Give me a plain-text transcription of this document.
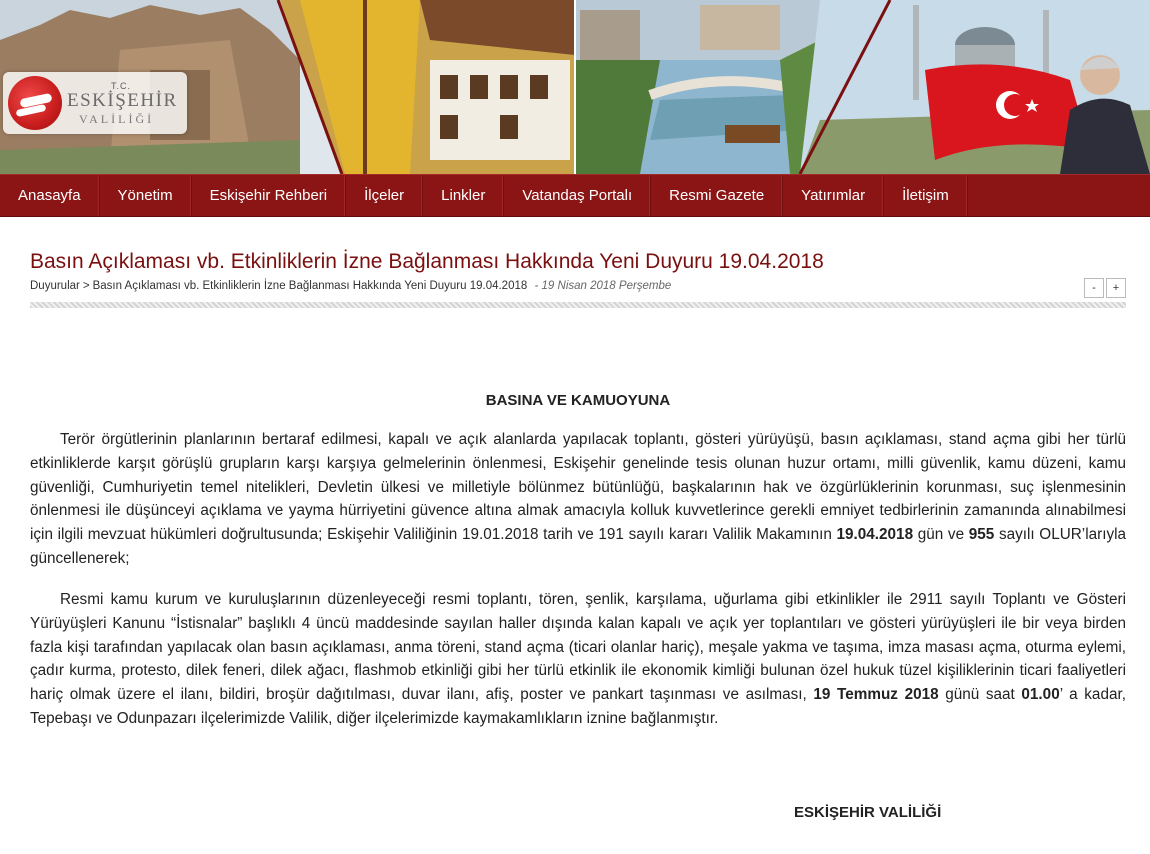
T.C.
ESKİŞEHİR
VALİLİĞİ
Anasayfa	Yönetim	Eskişehir Rehberi	İlçeler	Linkler	Vatandaş Portalı	Resmi Gazete	Yatırımlar	İletişim
Basın Açıklaması vb. Etkinliklerin İzne Bağlanması Hakkında Yeni Duyuru 19.04.2018
Duyurular > Basın Açıklaması vb. Etkinliklerin İzne Bağlanması Hakkında Yeni Duyuru 19.04.2018 - 19 Nisan 2018 Perşembe	-	+
BASINA VE KAMUOYUNA

Terör örgütlerinin planlarının bertaraf edilmesi, kapalı ve açık alanlarda yapılacak toplantı, gösteri yürüyüşü, basın açıklaması, stand açma gibi her türlü etkinliklerde karşıt görüşlü grupların karşı karşıya gelmelerinin önlenmesi, Eskişehir genelinde tesis olunan huzur ortamı, milli güvenlik, kamu düzeni, kamu güvenliği, Cumhuriyetin temel nitelikleri, Devletin ülkesi ve milletiyle bölünmez bütünlüğü, başkalarının hak ve özgürlüklerinin korunması, suç işlenmesinin önlenmesi ile düşünceyi açıklama ve yayma hürriyetini güvence altına almak amacıyla kolluk kuvvetlerince gerekli emniyet tedbirlerinin zamanında alınabilmesi için ilgili mevzuat hükümleri doğrultusunda; Eskişehir Valiliğinin 19.01.2018 tarih ve 191 sayılı kararı Valilik Makamının 19.04.2018 gün ve 955 sayılı OLUR’larıyla güncellenerek;

Resmi kamu kurum ve kuruluşlarının düzenleyeceği resmi toplantı, tören, şenlik, karşılama, uğurlama gibi etkinlikler ile 2911 sayılı Toplantı ve Gösteri Yürüyüşleri Kanunu “İstisnalar” başlıklı 4 üncü maddesinde sayılan haller dışında kalan kapalı ve açık yer toplantıları ve gösteri yürüyüşleri ile bir veya birden fazla kişi tarafından yapılacak olan basın açıklaması, anma töreni, stand açma (ticari olanlar hariç), meşale yakma ve taşıma, imza masası açma, oturma eylemi, çadır kurma, protesto, dilek feneri, dilek ağacı, flashmob etkinliği gibi her türlü etkinlik ile ekonomik kimliği bulunan özel hukuk tüzel kişiliklerinin ticari faaliyetleri hariç olmak üzere el ilanı, bildiri, broşür dağıtılması, duvar ilanı, afiş, poster ve pankart taşınması ve asılması, 19 Temmuz 2018 günü saat 01.00’ a kadar, Tepebaşı ve Odunpazarı ilçelerimizde Valilik, diğer ilçelerimizde kaymakamlıkların iznine bağlanmıştır.

ESKİŞEHİR VALİLİĞİ
